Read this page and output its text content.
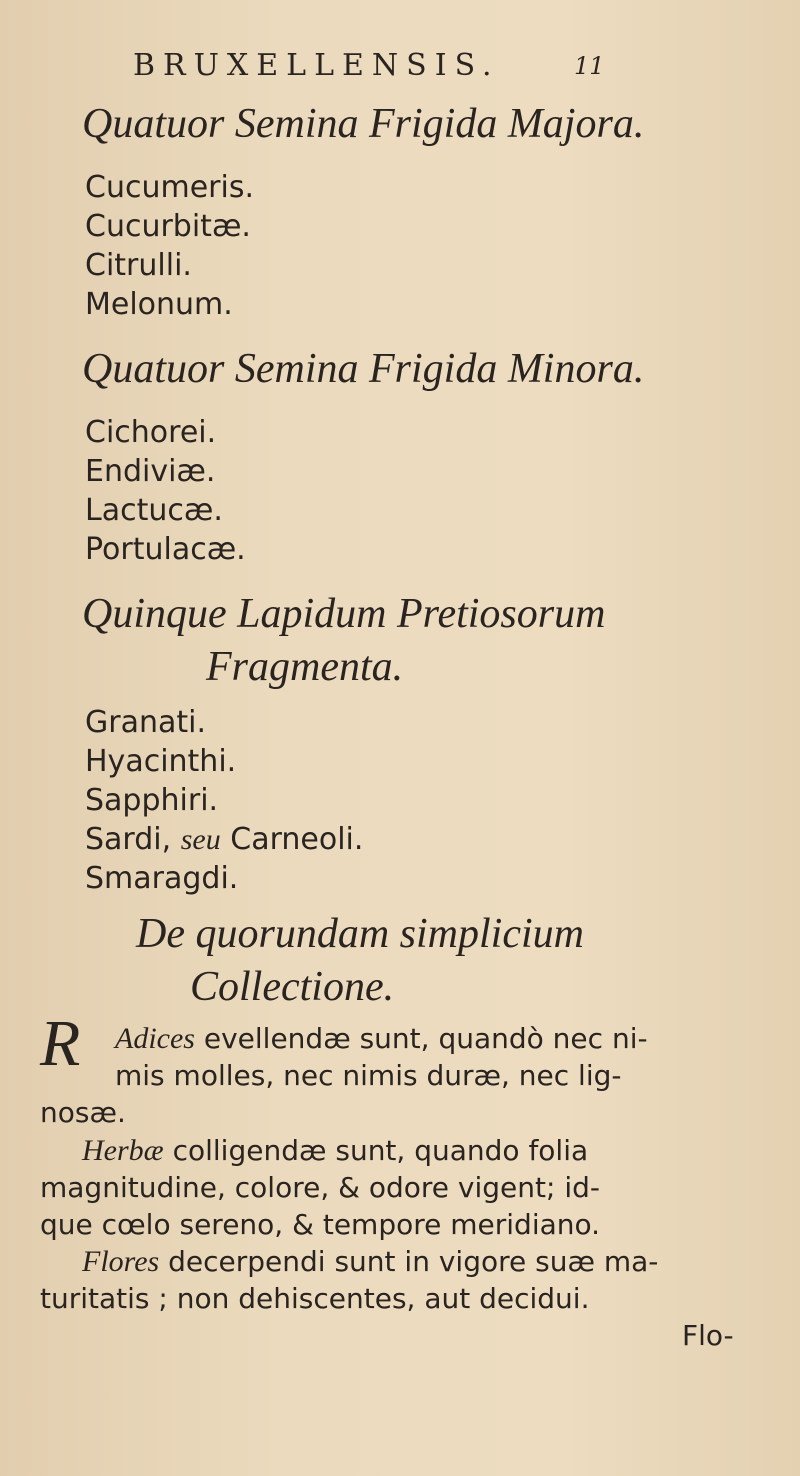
BRUXELLENSIS.	11
Quatuor Semina Frigida Majora.
Cucumeris.
Cucurbitæ.
Citrulli.
Melonum.
Quatuor Semina Frigida Minora.
Cichorei.
Endiviæ.
Lactucæ.
Portulacæ.
Quinque Lapidum Pretiosorum
Fragmenta.
Granati.
Hyacinthi.
Sapphiri.
Sardi, seu Carneoli.
Smaragdi.
De quorundam simplicium
Collectione.
R Adices evellendæ sunt, quandò nec ni-
mis molles, nec nimis duræ, nec lig-
nosæ.
Herbæ colligendæ sunt, quando folia
magnitudine, colore, & odore vigent; id-
que cœlo sereno, & tempore meridiano.
Flores decerpendi sunt in vigore suæ ma-
turitatis ; non dehiscentes, aut decidui.
Flo-
